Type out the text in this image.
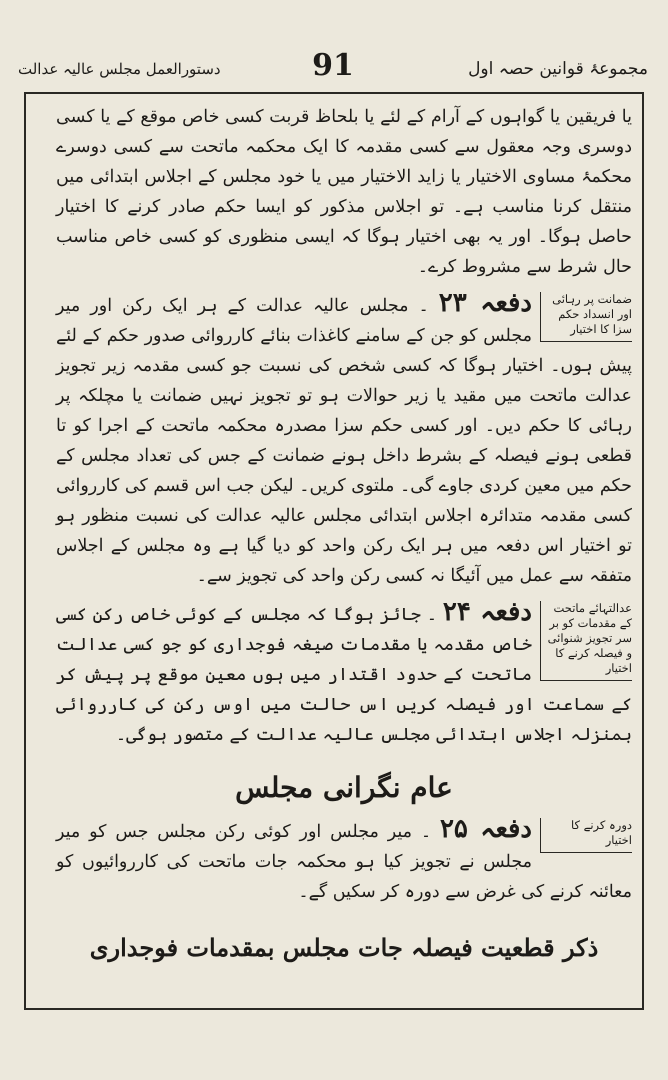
مجموعۂ قوانین حصہ اول
91
دستورالعمل مجلس عالیہ عدالت

یا فریقین یا گواہوں کے آرام کے لئے یا بلحاظ قربت کسی خاص موقع کے یا کسی دوسری وجہ معقول سے کسی مقدمہ کا ایک محکمہ ماتحت سے کسی دوسرے محکمۂ مساوی الاختیار یا زاید الاختیار میں یا خود مجلس کے اجلاس ابتدائی میں منتقل کرنا مناسب ہے۔ تو اجلاس مذکور کو ایسا حکم صادر کرنے کا اختیار حاصل ہوگا۔ اور یہ بھی اختیار ہوگا کہ ایسی منظوری کو کسی خاص مناسب حال شرط سے مشروط کرے۔

ضمانت پر رہائی اور انسداد حکم سزا کا اختیار
دفعہ ۲۳ ۔ مجلس عالیہ عدالت کے ہر ایک رکن اور میر مجلس کو جن کے سامنے کاغذات بنائے کارروائی صدور حکم کے لئے پیش ہوں۔ اختیار ہوگا کہ کسی شخص کی نسبت جو کسی مقدمہ زیر تجویز عدالت ماتحت میں مقید یا زیر حوالات ہو تو تجویز نہیں ضمانت یا مچلکہ پر رہائی کا حکم دیں۔ اور کسی حکم سزا مصدرہ محکمہ ماتحت کے اجرا کو تا قطعی ہونے فیصلہ کے بشرط داخل ہونے ضمانت کے جس کی تعداد مجلس کے حکم میں معین کردی جاوے گی۔ ملتوی کریں۔ لیکن جب اس قسم کی کارروائی کسی مقدمہ متدائرہ اجلاس ابتدائی مجلس عالیہ عدالت کی نسبت منظور ہو تو اختیار اس دفعہ میں ہر ایک رکن واحد کو دیا گیا ہے وہ مجلس کے اجلاس متفقہ سے عمل میں آئیگا نہ کسی رکن واحد کی تجویز سے۔

عدالتہائے ماتحت کے مقدمات کو بر سر تجویز شنوائی و فیصلہ کرنے کا اختیار
دفعہ ۲۴ ۔ جائز ہوگا کہ مجلس کے کوئی خاص رکن کسی خاص مقدمہ یا مقدمات صیغہ فوجداری کو جو کسی عدالت ماتحت کے حدود اقتدار میں ہوں معین موقع پر پیش کر کے سماعت اور فیصلہ کریں اس حالت میں اوس رکن کی کارروائی بمنزلہ اجلاس ابتدائی مجلس عالیہ عدالت کے متصور ہوگی۔

عام نگرانی مجلس

دورہ کرنے کا اختیار
دفعہ ۲۵ ۔ میر مجلس اور کوئی رکن مجلس جس کو میر مجلس نے تجویز کیا ہو محکمہ جات ماتحت کی کارروائیوں کو معائنہ کرنے کی غرض سے دورہ کر سکیں گے۔

ذکر قطعیت فیصلہ جات مجلس بمقدمات فوجداری
